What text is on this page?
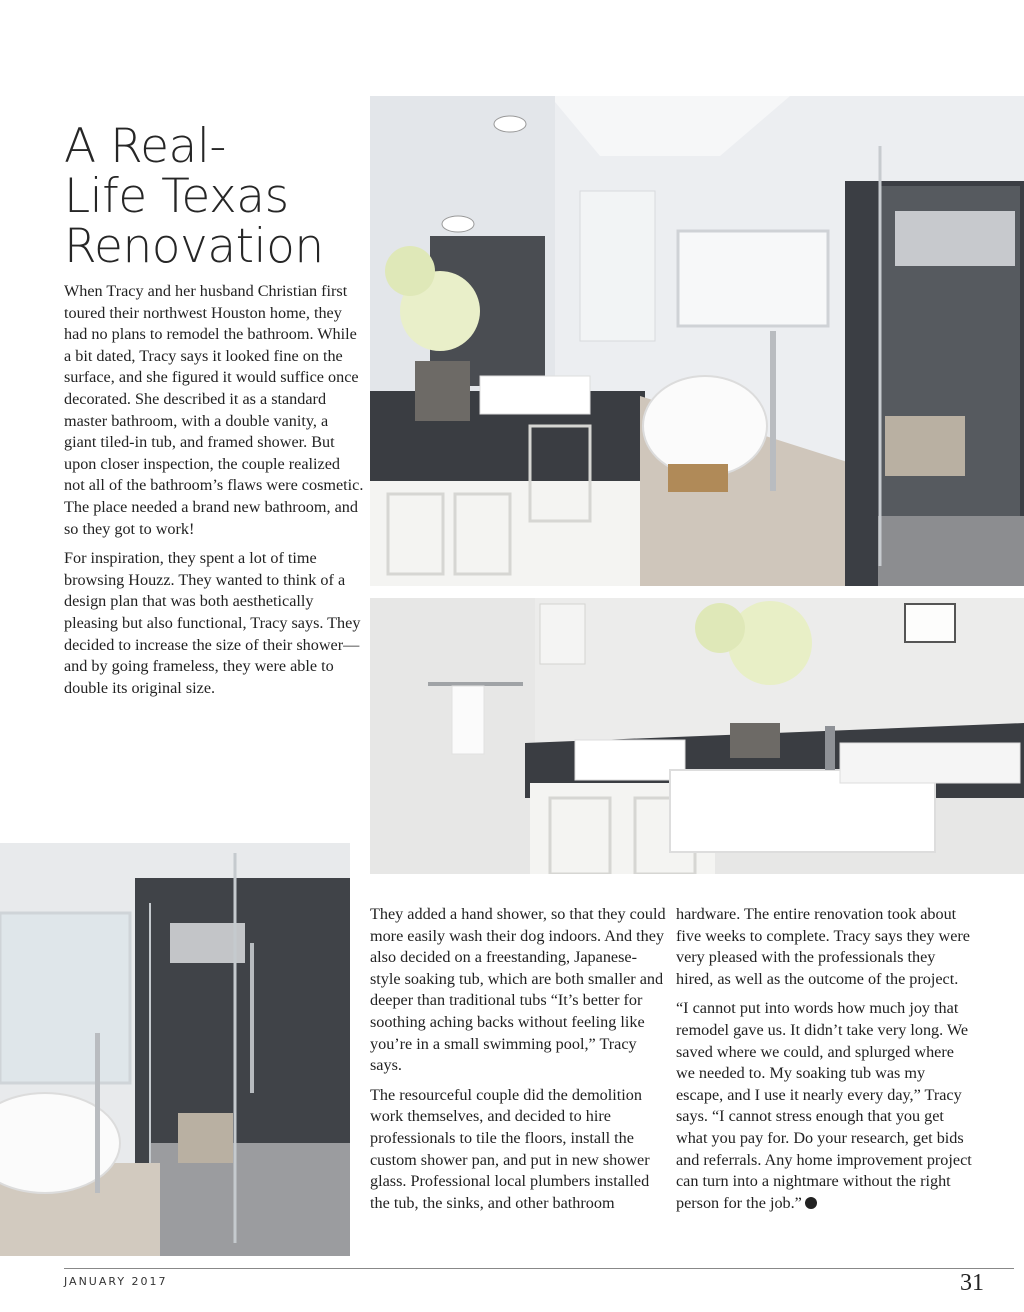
A Real-
Life Texas
Renovation

When Tracy and her husband Christian first toured their northwest Houston home, they had no plans to remodel the bathroom. While a bit dated, Tracy says it looked fine on the surface, and she figured it would suffice once decorated. She described it as a standard master bathroom, with a double vanity, a giant tiled-in tub, and framed shower. But upon closer inspection, the couple realized not all of the bathroom’s flaws were cosmetic. The place needed a brand new bathroom, and so they got to work!

For inspiration, they spent a lot of time browsing Houzz. They wanted to think of a design plan that was both aesthetically pleasing but also functional, Tracy says. They decided to increase the size of their shower—and by going frameless, they were able to double its original size.

They added a hand shower, so that they could more easily wash their dog indoors. And they also decided on a freestanding, Japanese-style soaking tub, which are both smaller and deeper than traditional tubs “It’s better for soothing aching backs without feeling like you’re in a small swimming pool,” Tracy says.

The resourceful couple did the demolition work themselves, and decided to hire professionals to tile the floors, install the custom shower pan, and put in new shower glass. Professional local plumbers installed the tub, the sinks, and other bathroom

hardware. The entire renovation took about five weeks to complete. Tracy says they were very pleased with the professionals they hired, as well as the outcome of the project.

“I cannot put into words how much joy that remodel gave us. It didn’t take very long. We saved where we could, and splurged where we needed to. My soaking tub was my escape, and I use it nearly every day,” Tracy says. “I cannot stress enough that you get what you pay for. Do your research, get bids and referrals. Any home improvement project can turn into a nightmare without the right person for the job.”

JANUARY 2017	31
